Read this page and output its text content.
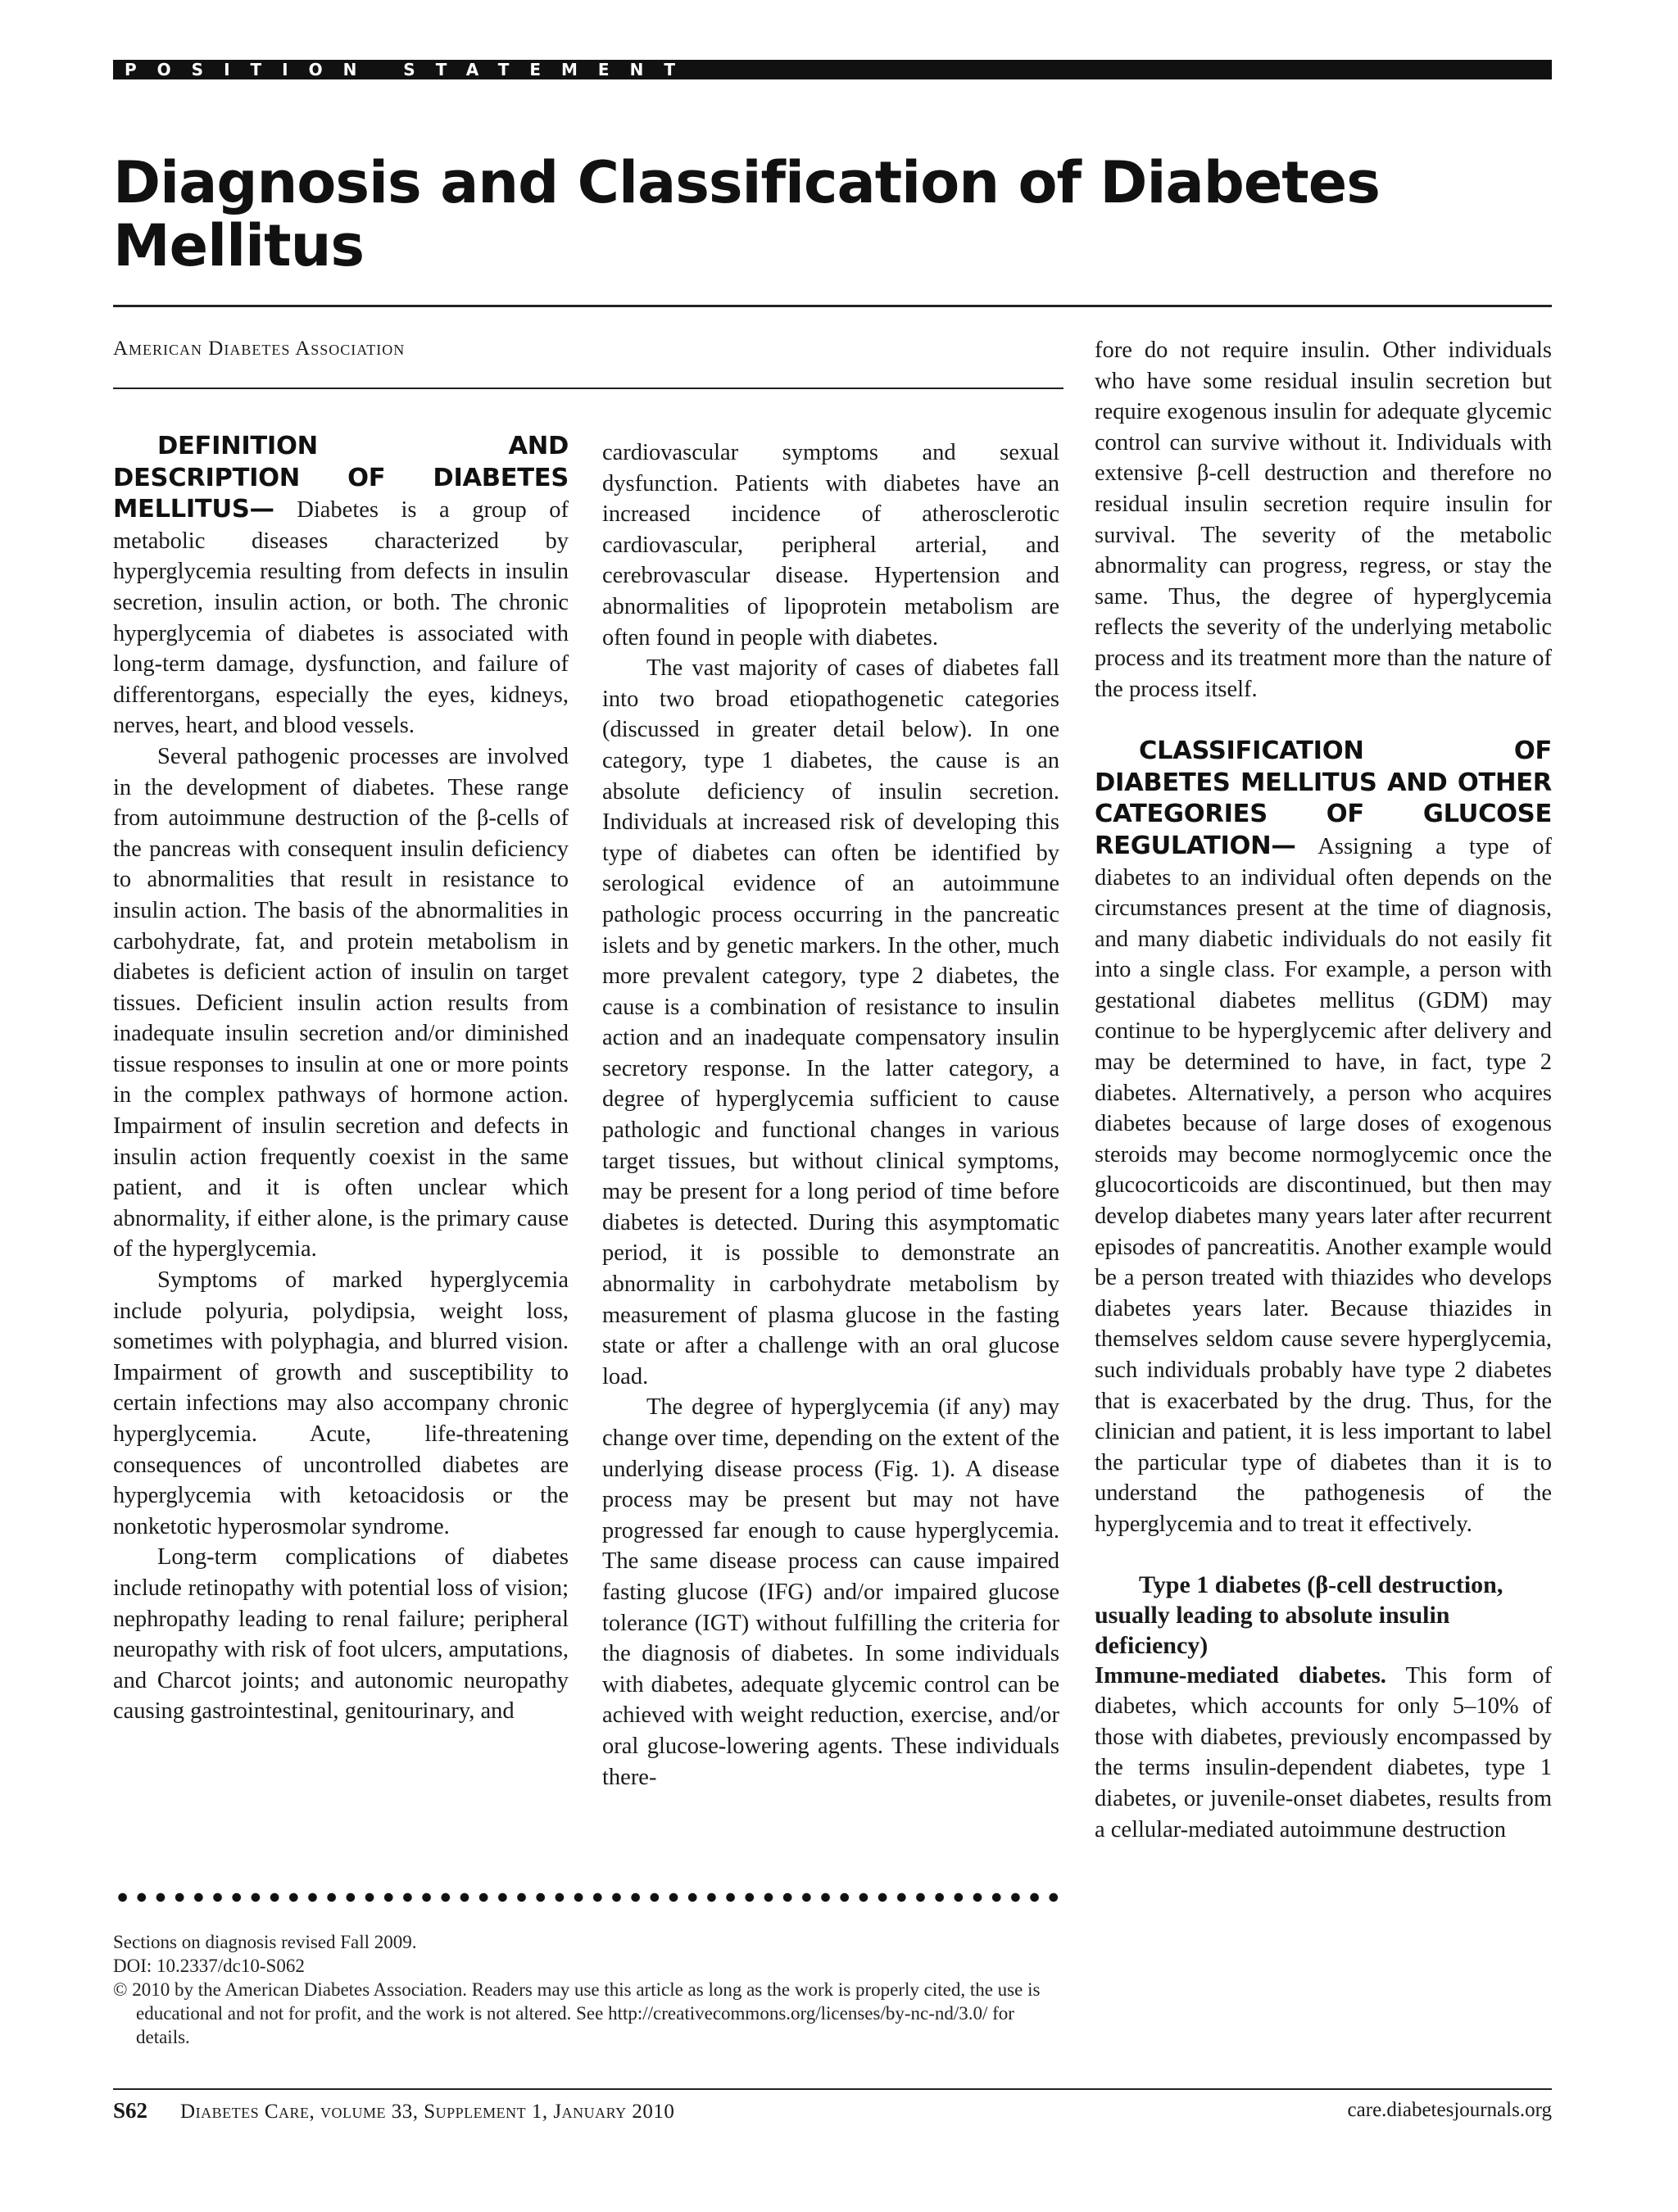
POSITION STATEMENT
Diagnosis and Classification of Diabetes Mellitus
American Diabetes Association

DEFINITION AND DESCRIPTION OF DIABETES MELLITUS— Diabetes is a group of metabolic diseases characterized by hyperglycemia resulting from defects in insulin secretion, insulin action, or both. The chronic hyperglycemia of diabetes is associated with long-term damage, dysfunction, and failure of differentorgans, especially the eyes, kidneys, nerves, heart, and blood vessels.

Several pathogenic processes are involved in the development of diabetes. These range from autoimmune destruction of the β-cells of the pancreas with consequent insulin deficiency to abnormalities that result in resistance to insulin action. The basis of the abnormalities in carbohydrate, fat, and protein metabolism in diabetes is deficient action of insulin on target tissues. Deficient insulin action results from inadequate insulin secretion and/or diminished tissue responses to insulin at one or more points in the complex pathways of hormone action. Impairment of insulin secretion and defects in insulin action frequently coexist in the same patient, and it is often unclear which abnormality, if either alone, is the primary cause of the hyperglycemia.

Symptoms of marked hyperglycemia include polyuria, polydipsia, weight loss, sometimes with polyphagia, and blurred vision. Impairment of growth and susceptibility to certain infections may also accompany chronic hyperglycemia. Acute, life-threatening consequences of uncontrolled diabetes are hyperglycemia with ketoacidosis or the nonketotic hyperosmolar syndrome.

Long-term complications of diabetes include retinopathy with potential loss of vision; nephropathy leading to renal failure; peripheral neuropathy with risk of foot ulcers, amputations, and Charcot joints; and autonomic neuropathy causing gastrointestinal, genitourinary, and

cardiovascular symptoms and sexual dysfunction. Patients with diabetes have an increased incidence of atherosclerotic cardiovascular, peripheral arterial, and cerebrovascular disease. Hypertension and abnormalities of lipoprotein metabolism are often found in people with diabetes.

The vast majority of cases of diabetes fall into two broad etiopathogenetic categories (discussed in greater detail below). In one category, type 1 diabetes, the cause is an absolute deficiency of insulin secretion. Individuals at increased risk of developing this type of diabetes can often be identified by serological evidence of an autoimmune pathologic process occurring in the pancreatic islets and by genetic markers. In the other, much more prevalent category, type 2 diabetes, the cause is a combination of resistance to insulin action and an inadequate compensatory insulin secretory response. In the latter category, a degree of hyperglycemia sufficient to cause pathologic and functional changes in various target tissues, but without clinical symptoms, may be present for a long period of time before diabetes is detected. During this asymptomatic period, it is possible to demonstrate an abnormality in carbohydrate metabolism by measurement of plasma glucose in the fasting state or after a challenge with an oral glucose load.

The degree of hyperglycemia (if any) may change over time, depending on the extent of the underlying disease process (Fig. 1). A disease process may be present but may not have progressed far enough to cause hyperglycemia. The same disease process can cause impaired fasting glucose (IFG) and/or impaired glucose tolerance (IGT) without fulfilling the criteria for the diagnosis of diabetes. In some individuals with diabetes, adequate glycemic control can be achieved with weight reduction, exercise, and/or oral glucose-lowering agents. These individuals there-

fore do not require insulin. Other individuals who have some residual insulin secretion but require exogenous insulin for adequate glycemic control can survive without it. Individuals with extensive β-cell destruction and therefore no residual insulin secretion require insulin for survival. The severity of the metabolic abnormality can progress, regress, or stay the same. Thus, the degree of hyperglycemia reflects the severity of the underlying metabolic process and its treatment more than the nature of the process itself.

CLASSIFICATION OF DIABETES MELLITUS AND OTHER CATEGORIES OF GLUCOSE REGULATION— Assigning a type of diabetes to an individual often depends on the circumstances present at the time of diagnosis, and many diabetic individuals do not easily fit into a single class. For example, a person with gestational diabetes mellitus (GDM) may continue to be hyperglycemic after delivery and may be determined to have, in fact, type 2 diabetes. Alternatively, a person who acquires diabetes because of large doses of exogenous steroids may become normoglycemic once the glucocorticoids are discontinued, but then may develop diabetes many years later after recurrent episodes of pancreatitis. Another example would be a person treated with thiazides who develops diabetes years later. Because thiazides in themselves seldom cause severe hyperglycemia, such individuals probably have type 2 diabetes that is exacerbated by the drug. Thus, for the clinician and patient, it is less important to label the particular type of diabetes than it is to understand the pathogenesis of the hyperglycemia and to treat it effectively.

Type 1 diabetes (β-cell destruction, usually leading to absolute insulin deficiency)

Immune-mediated diabetes. This form of diabetes, which accounts for only 5–10% of those with diabetes, previously encompassed by the terms insulin-dependent diabetes, type 1 diabetes, or juvenile-onset diabetes, results from a cellular-mediated autoimmune destruction

Sections on diagnosis revised Fall 2009.
DOI: 10.2337/dc10-S062
© 2010 by the American Diabetes Association. Readers may use this article as long as the work is properly cited, the use is educational and not for profit, and the work is not altered. See http://creativecommons.org/licenses/by-nc-nd/3.0/ for details.
S62 Diabetes Care, volume 33, Supplement 1, January 2010	care.diabetesjournals.org
